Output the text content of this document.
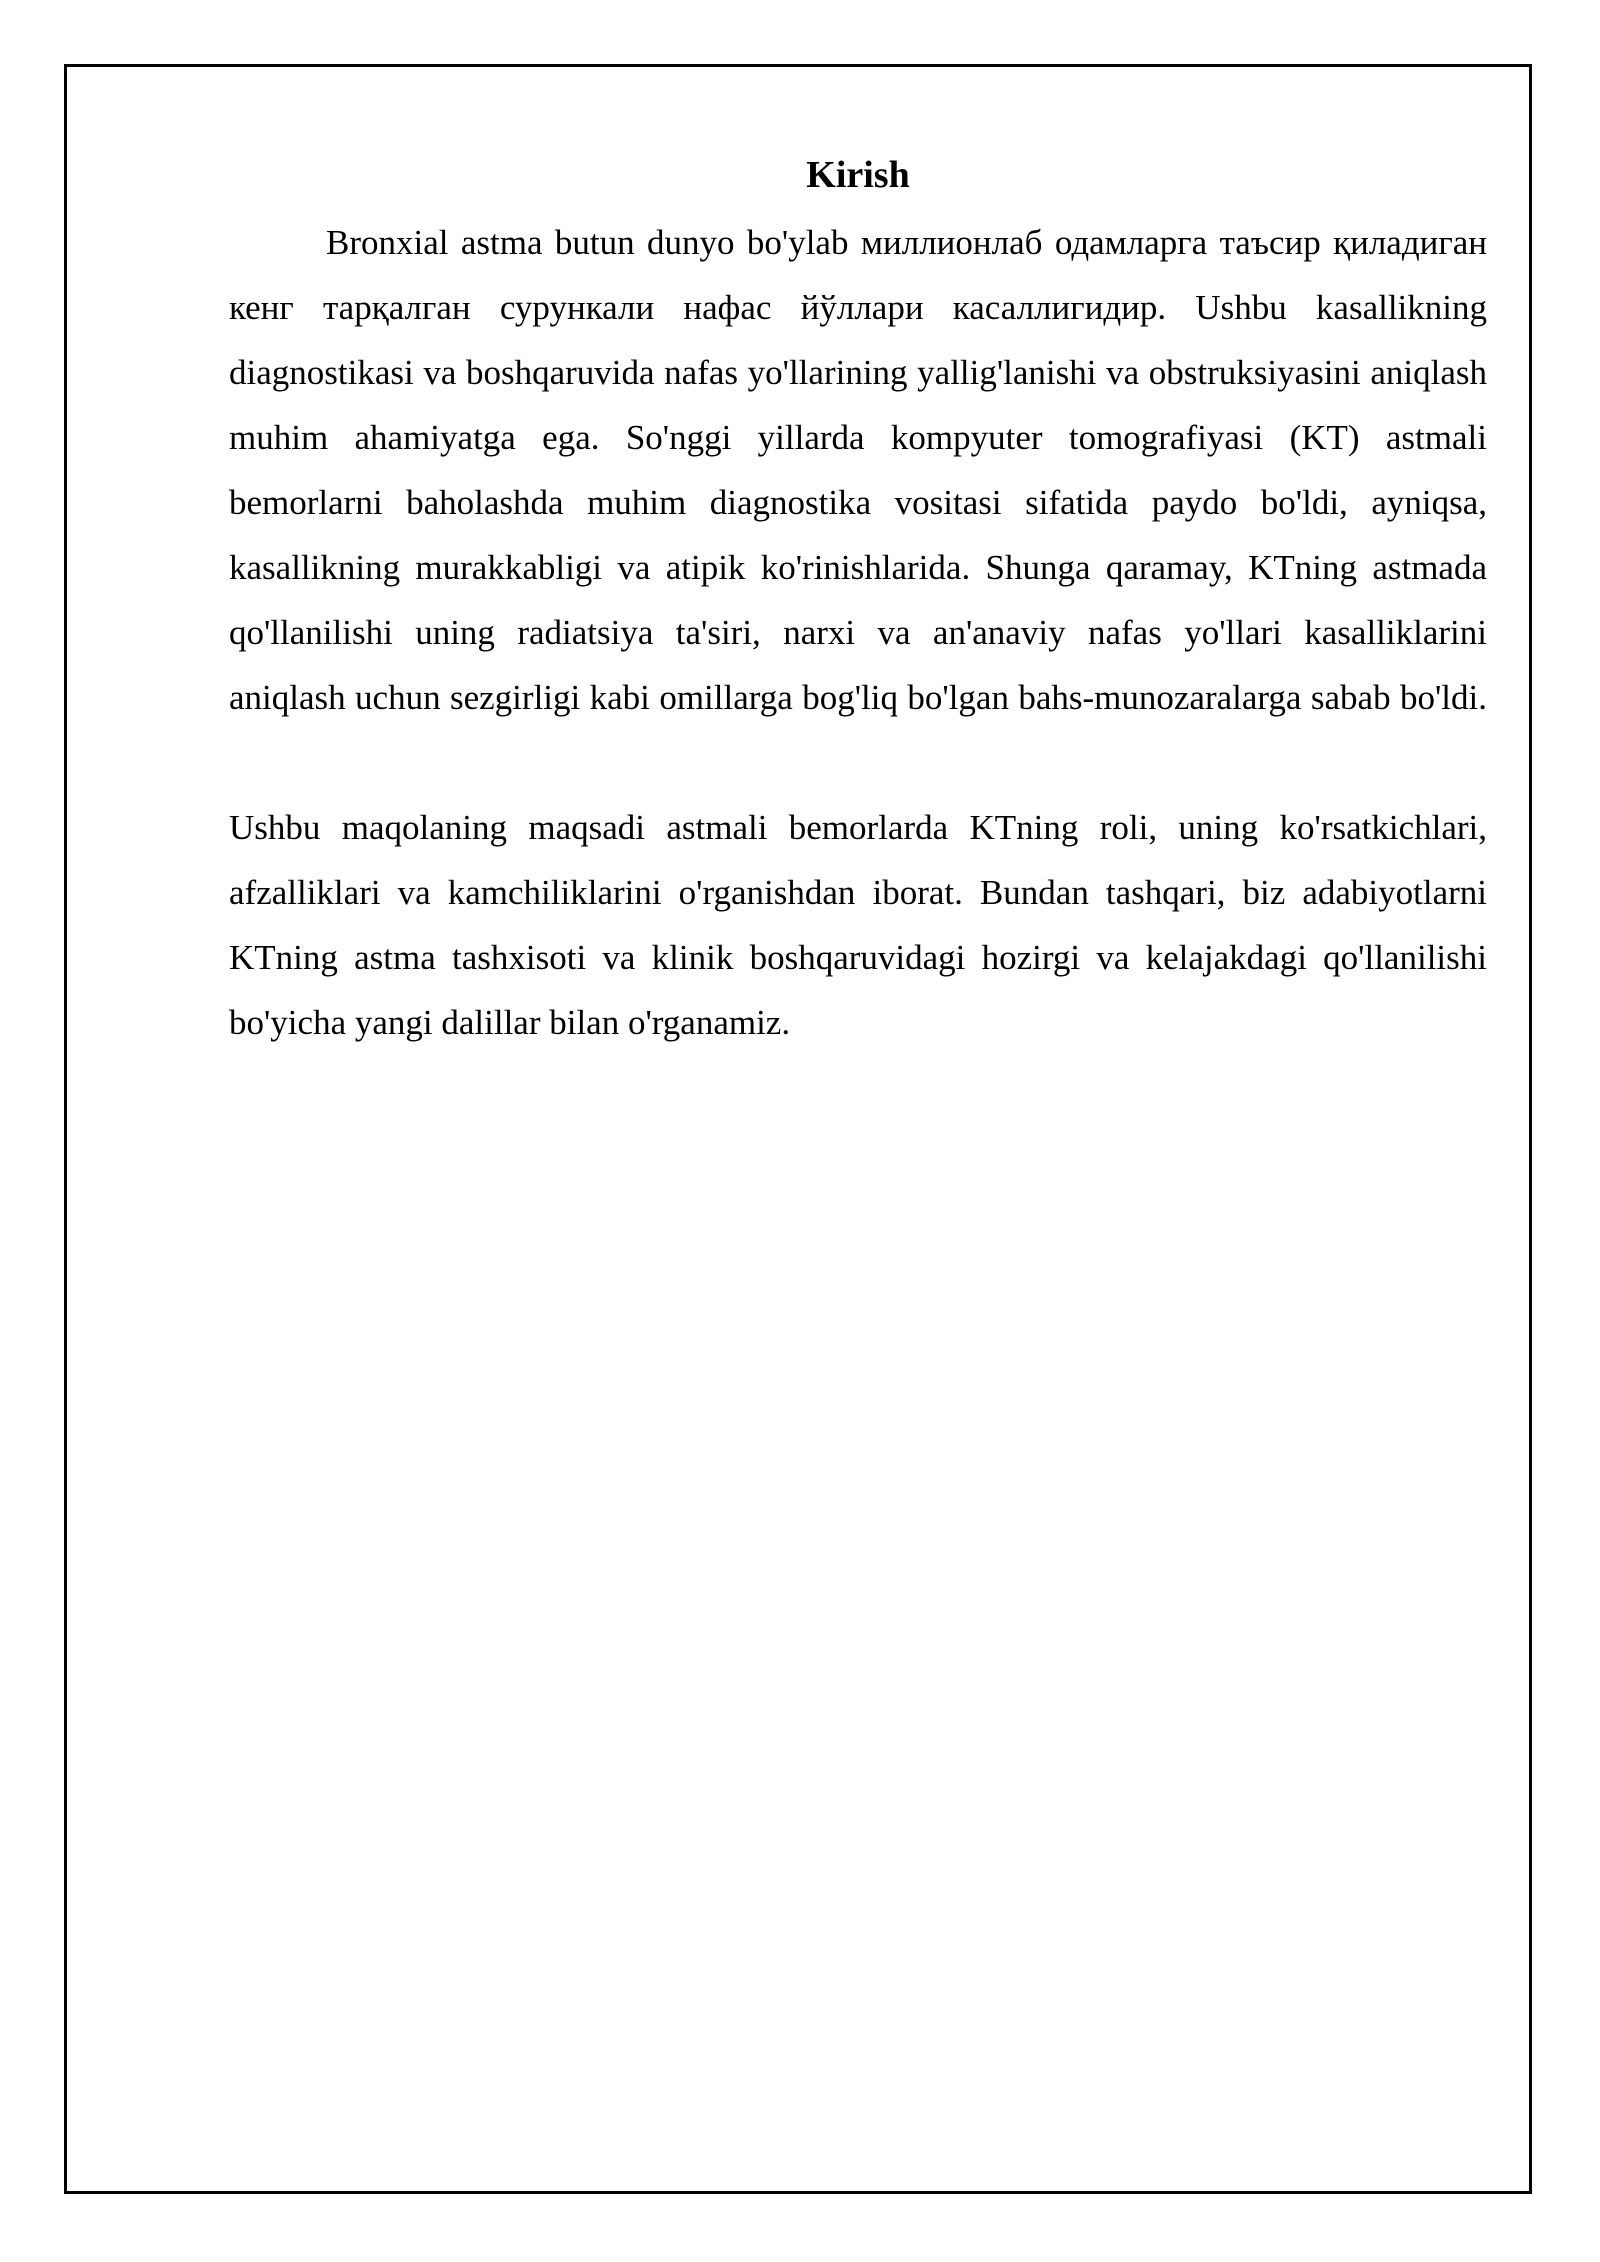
Kirish

Bronxial astma butun dunyo bo'ylab миллионлаб одамларга таъсир қиладиган кенг тарқалган сурункали нафас йўллари касаллигидир. Ushbu kasallikning diagnostikasi va boshqaruvida nafas yo'llarining yallig'lanishi va obstruksiyasini aniqlash muhim ahamiyatga ega. So'nggi yillarda kompyuter tomografiyasi (KT) astmali bemorlarni baholashda muhim diagnostika vositasi sifatida paydo bo'ldi, ayniqsa, kasallikning murakkabligi va atipik ko'rinishlarida. Shunga qaramay, KTning astmada qo'llanilishi uning radiatsiya ta'siri, narxi va an'anaviy nafas yo'llari kasalliklarini aniqlash uchun sezgirligi kabi omillarga bog'liq bo'lgan bahs-munozaralarga sabab bo'ldi.

Ushbu maqolaning maqsadi astmali bemorlarda KTning roli, uning ko'rsatkichlari, afzalliklari va kamchiliklarini o'rganishdan iborat. Bundan tashqari, biz adabiyotlarni KTning astma tashxisoti va klinik boshqaruvidagi hozirgi va kelajakdagi qo'llanilishi bo'yicha yangi dalillar bilan o'rganamiz.
